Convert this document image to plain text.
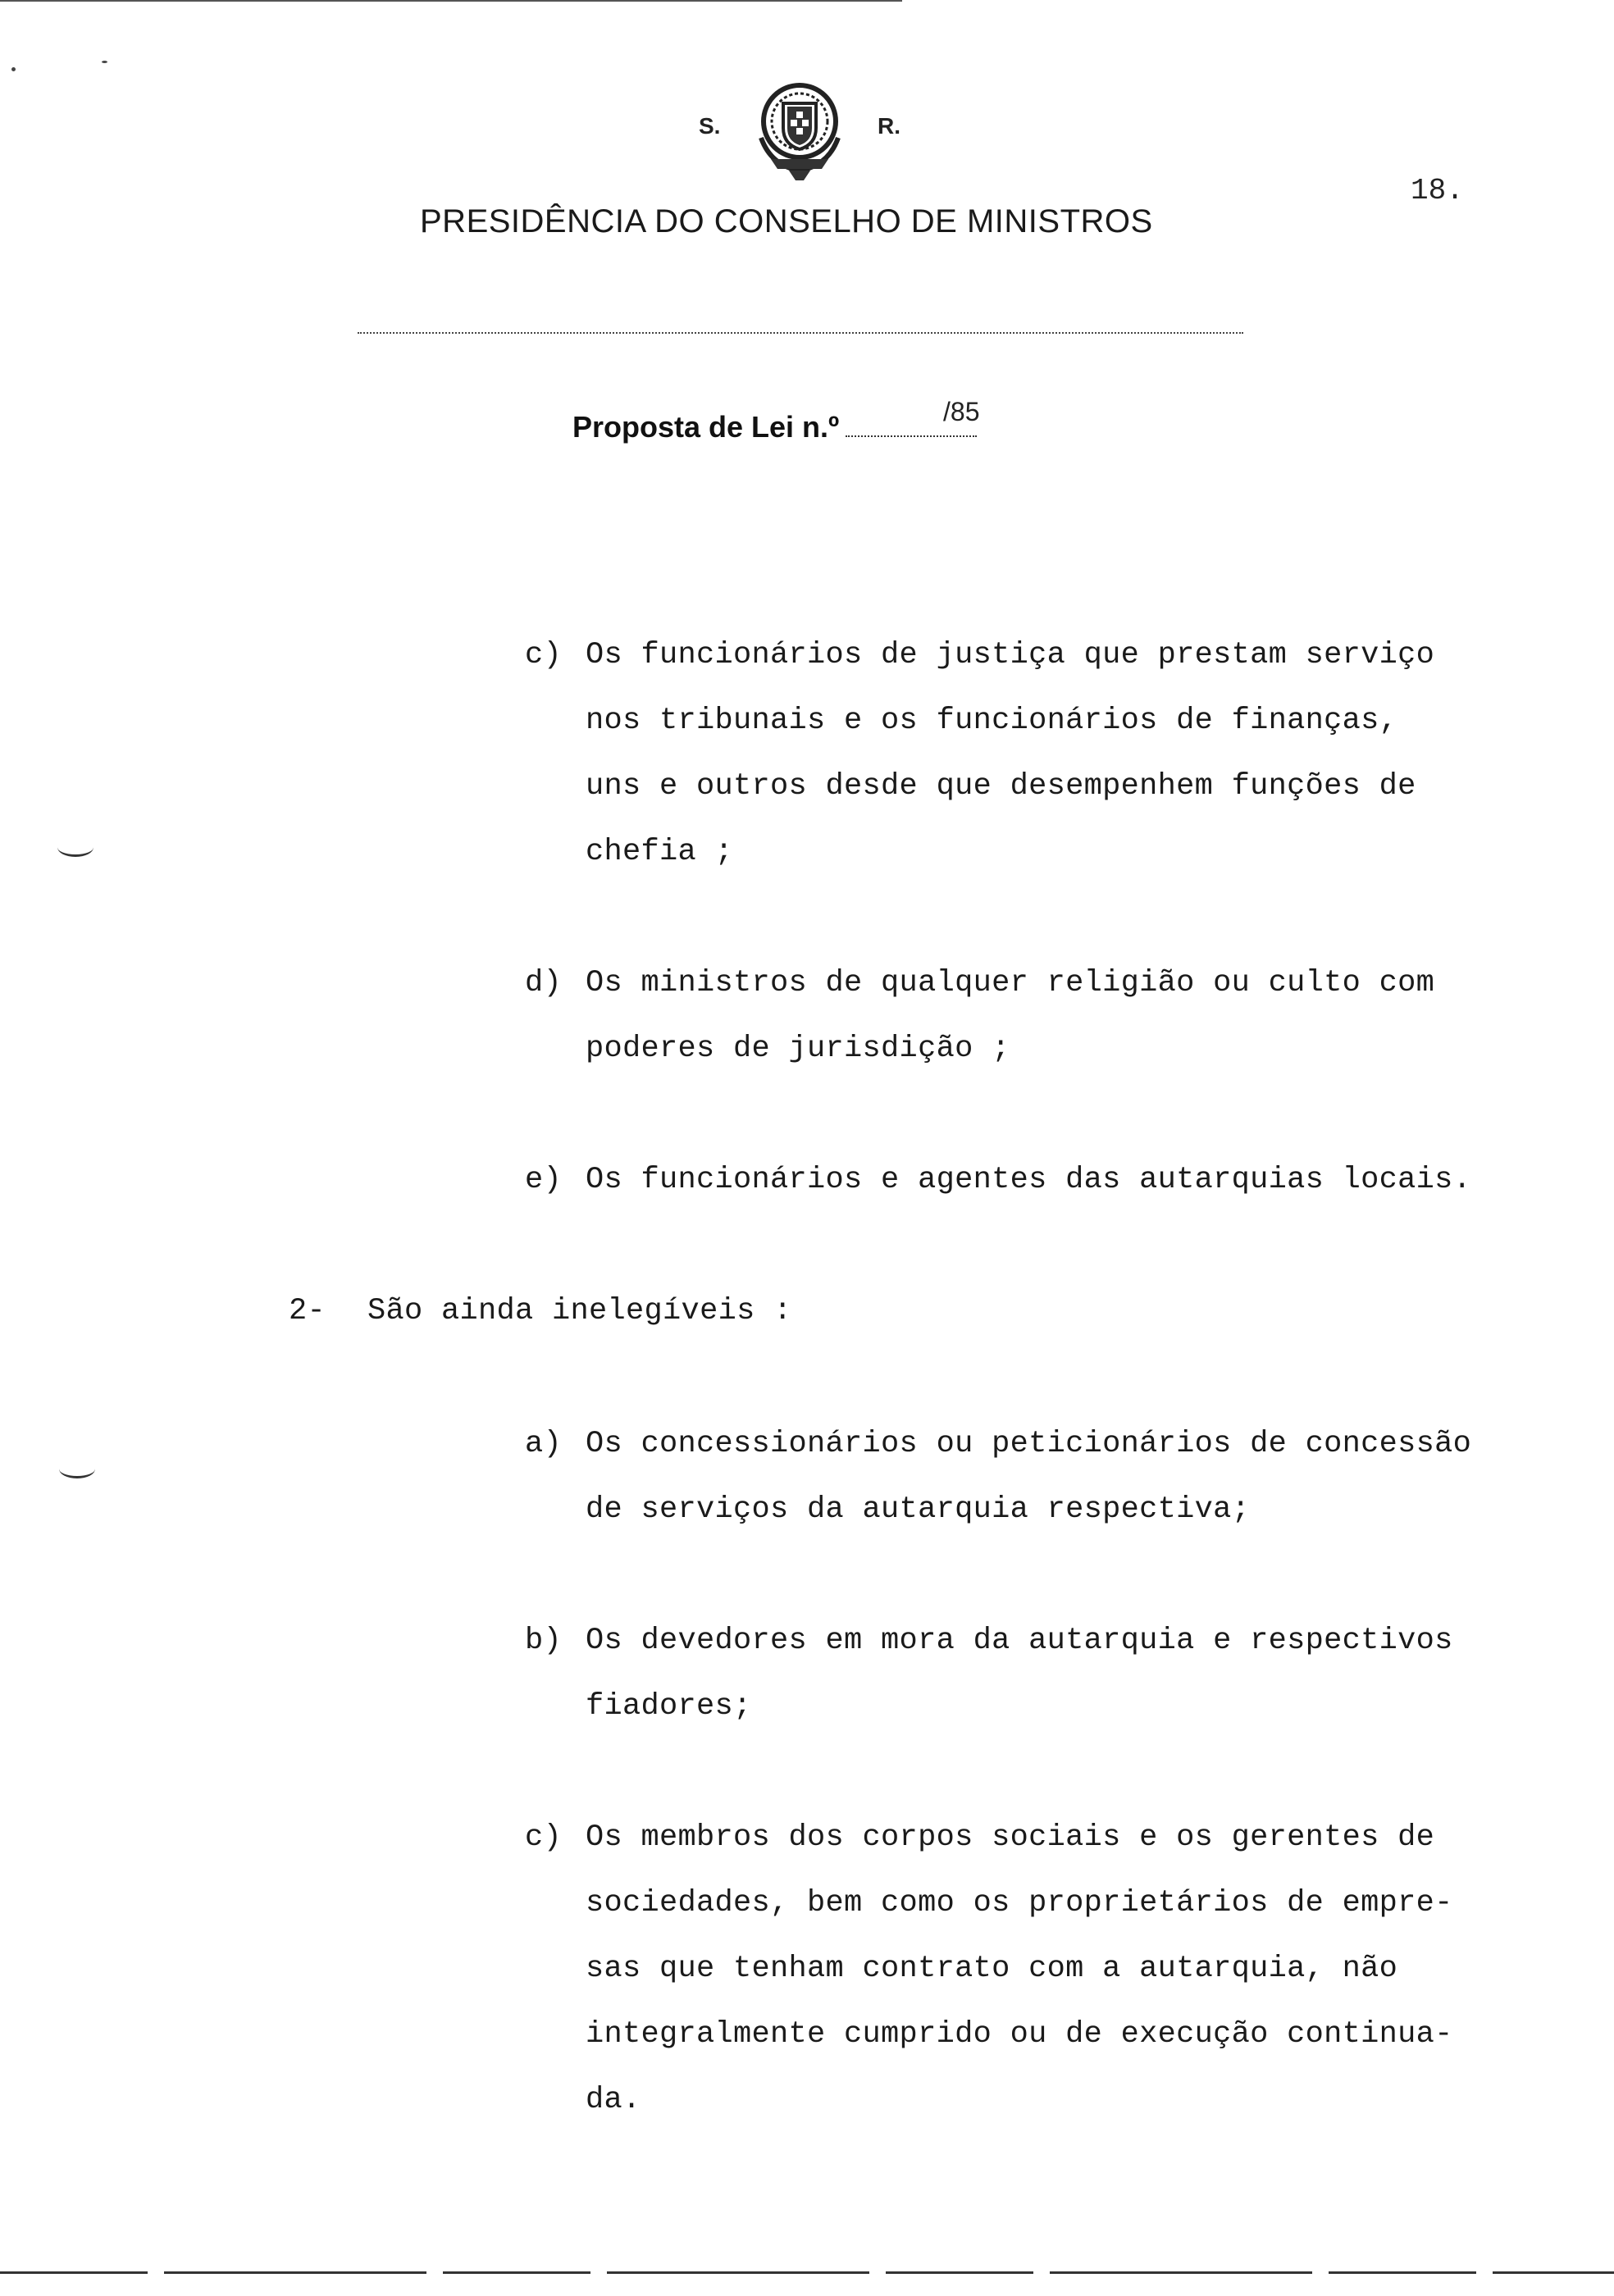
S.	R.
PRESIDÊNCIA DO CONSELHO DE MINISTROS
18.
Proposta de Lei n.º	/85
c) Os funcionários de justiça que prestam serviço
nos tribunais e os funcionários de finanças,
uns e outros desde que desempenhem funções de
chefia ;
d) Os ministros de qualquer religião ou culto com
poderes de jurisdição ;
e) Os funcionários e agentes das autarquias locais.
2- São ainda inelegíveis :
a) Os concessionários ou peticionários de concessão
de serviços da autarquia respectiva;
b) Os devedores em mora da autarquia e respectivos
fiadores;
c) Os membros dos corpos sociais e os gerentes de
sociedades, bem como os proprietários de empre-
sas que tenham contrato com a autarquia, não
integralmente cumprido ou de execução continua-
da.
